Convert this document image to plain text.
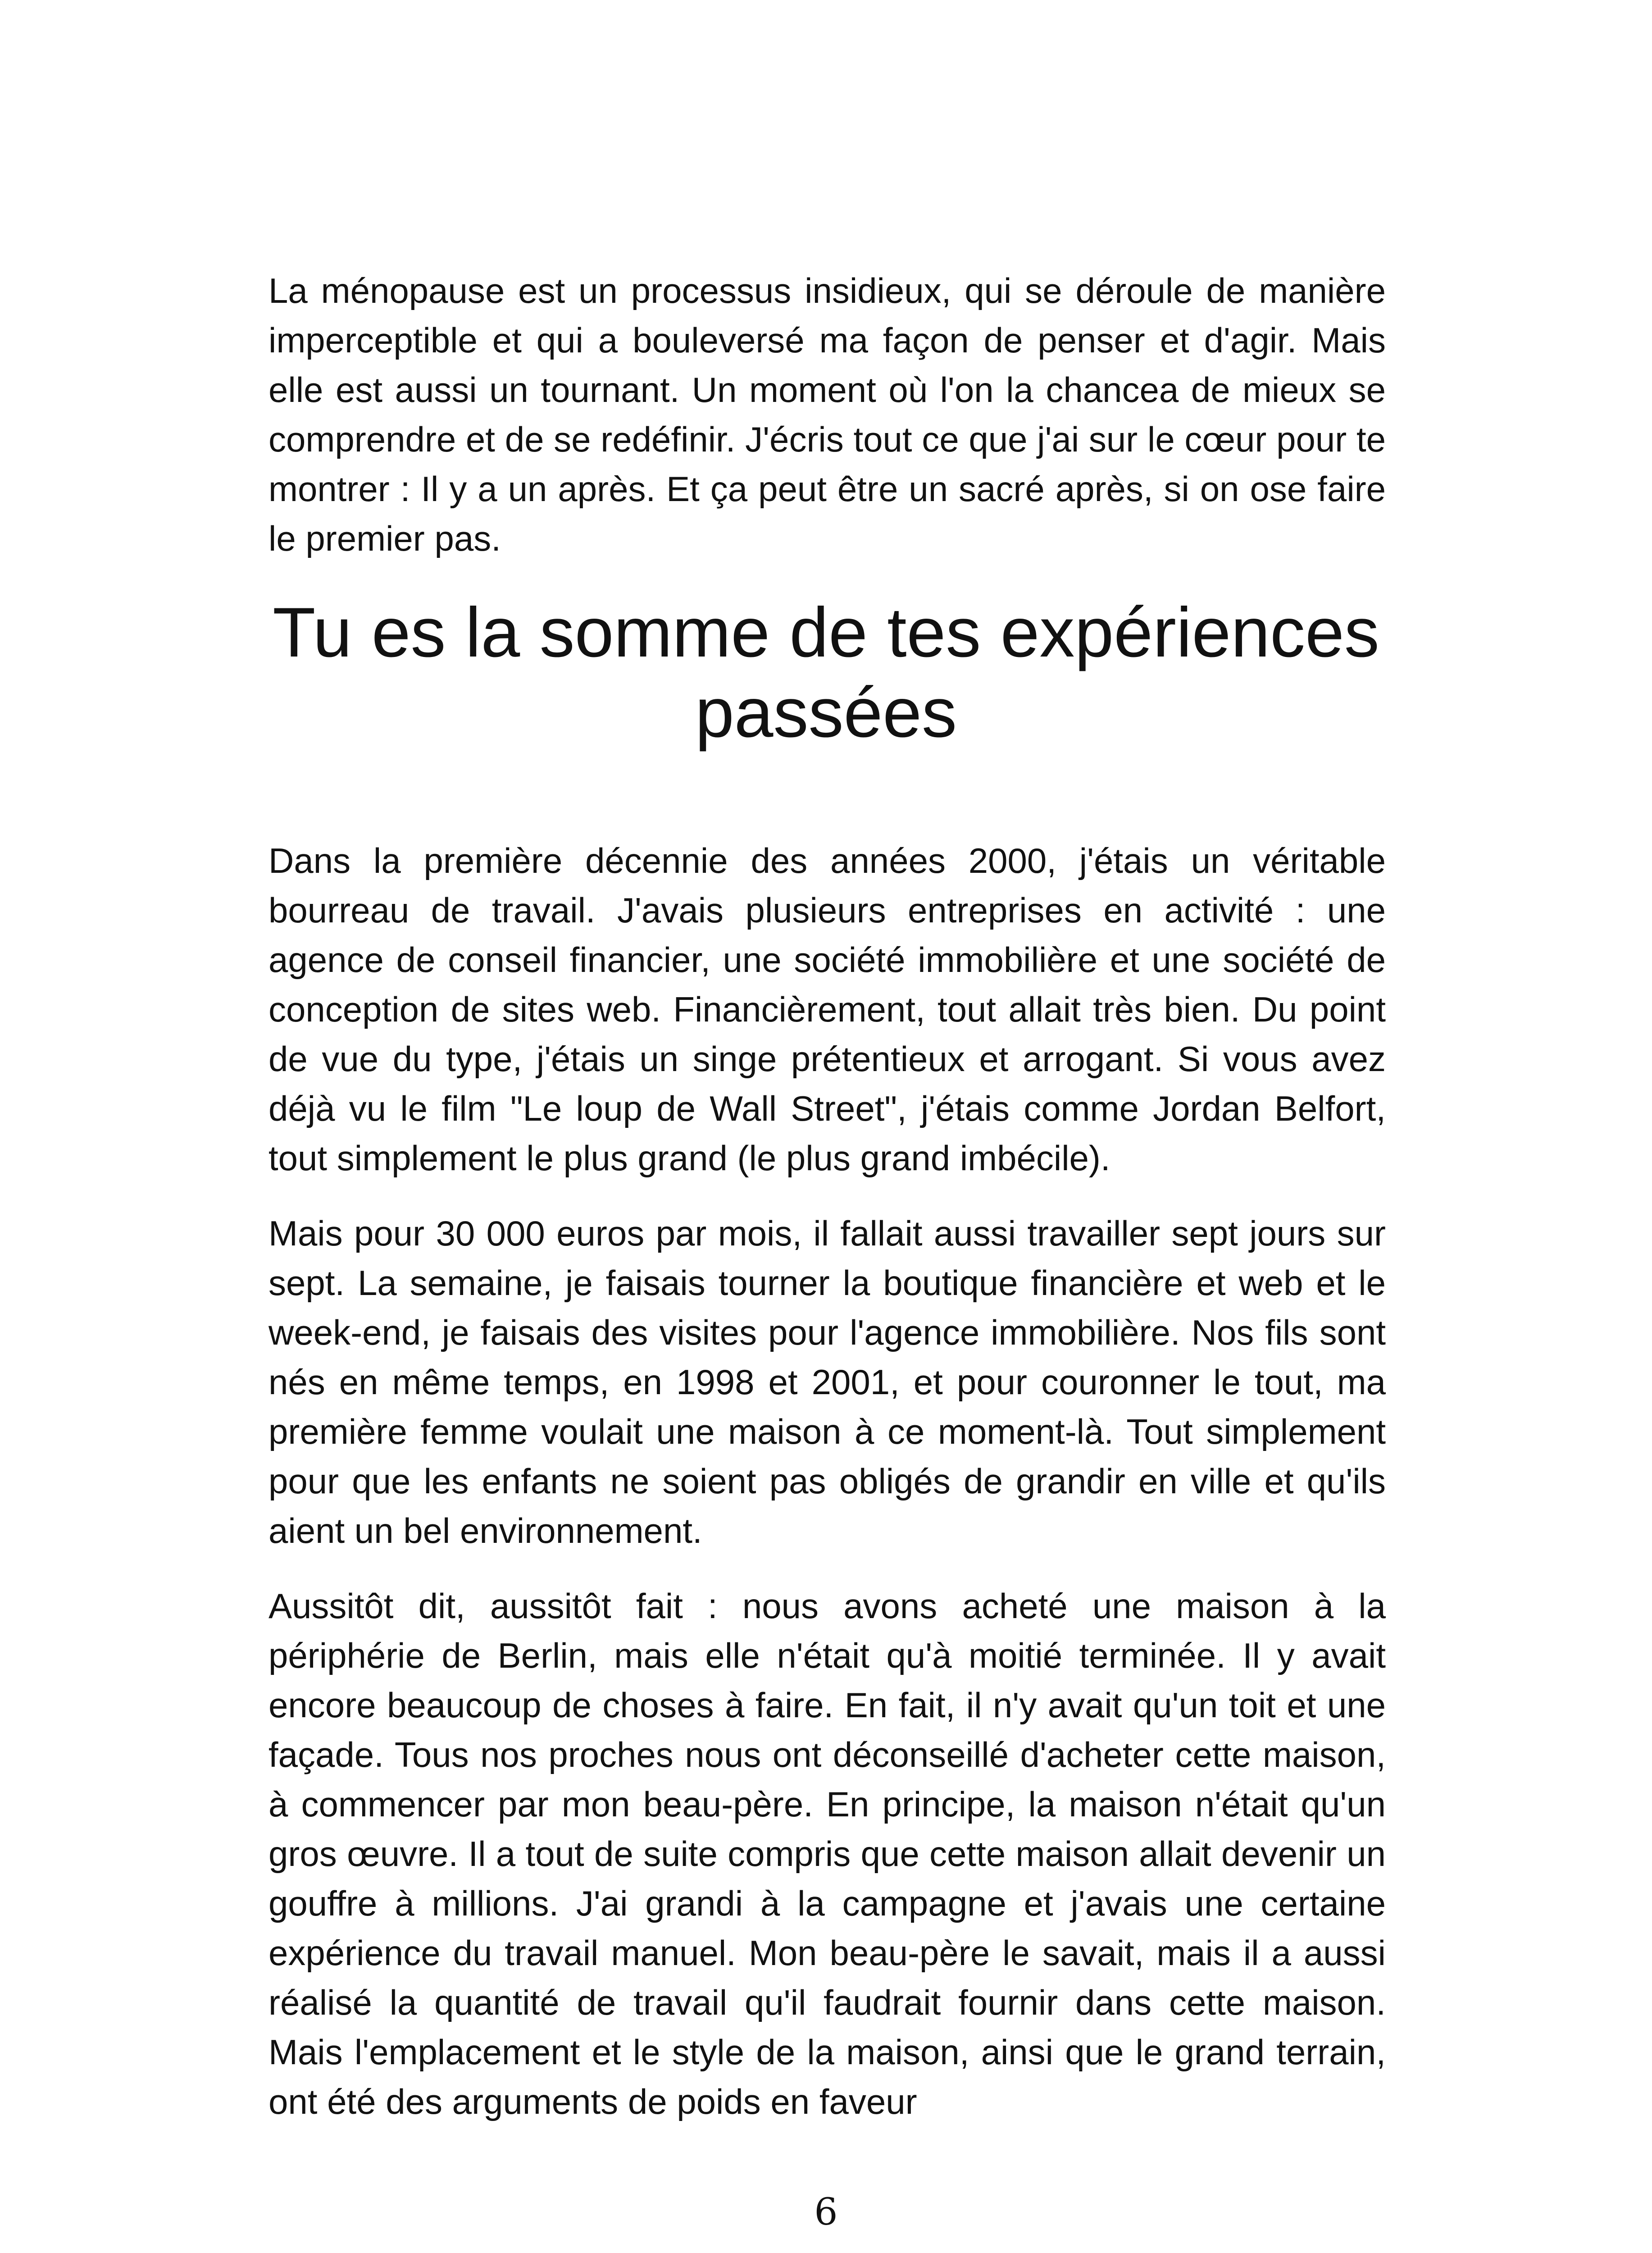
La ménopause est un processus insidieux, qui se déroule de manière imperceptible et qui a bouleversé ma façon de penser et d'agir. Mais elle est aussi un tournant. Un moment où l'on la chancea de mieux se comprendre et de se redéfinir. J'écris tout ce que j'ai sur le cœur pour te montrer : Il y a un après. Et ça peut être un sacré après, si on ose faire le premier pas.

Tu es la somme de tes expériences
passées

Dans la première décennie des années 2000, j'étais un véritable bourreau de travail. J'avais plusieurs entreprises en activité : une agence de conseil financier, une société immobilière et une société de conception de sites web. Financièrement, tout allait très bien. Du point de vue du type, j'étais un singe prétentieux et arrogant. Si vous avez déjà vu le film "Le loup de Wall Street", j'étais comme Jordan Belfort, tout simplement le plus grand (le plus grand imbécile).

Mais pour 30 000 euros par mois, il fallait aussi travailler sept jours sur sept. La semaine, je faisais tourner la boutique financière et web et le week-end, je faisais des visites pour l'agence immobilière. Nos fils sont nés en même temps, en 1998 et 2001, et pour couronner le tout, ma première femme voulait une maison à ce moment-là. Tout simplement pour que les enfants ne soient pas obligés de grandir en ville et qu'ils aient un bel environnement.

Aussitôt dit, aussitôt fait : nous avons acheté une maison à la périphérie de Berlin, mais elle n'était qu'à moitié terminée. Il y avait encore beaucoup de choses à faire. En fait, il n'y avait qu'un toit et une façade. Tous nos proches nous ont déconseillé d'acheter cette maison, à commencer par mon beau-père. En principe, la maison n'était qu'un gros œuvre. Il a tout de suite compris que cette maison allait devenir un gouffre à millions. J'ai grandi à la campagne et j'avais une certaine expérience du travail manuel. Mon beau-père le savait, mais il a aussi réalisé la quantité de travail qu'il faudrait fournir dans cette maison. Mais l'emplacement et le style de la maison, ainsi que le grand terrain, ont été des arguments de poids en faveur

6
